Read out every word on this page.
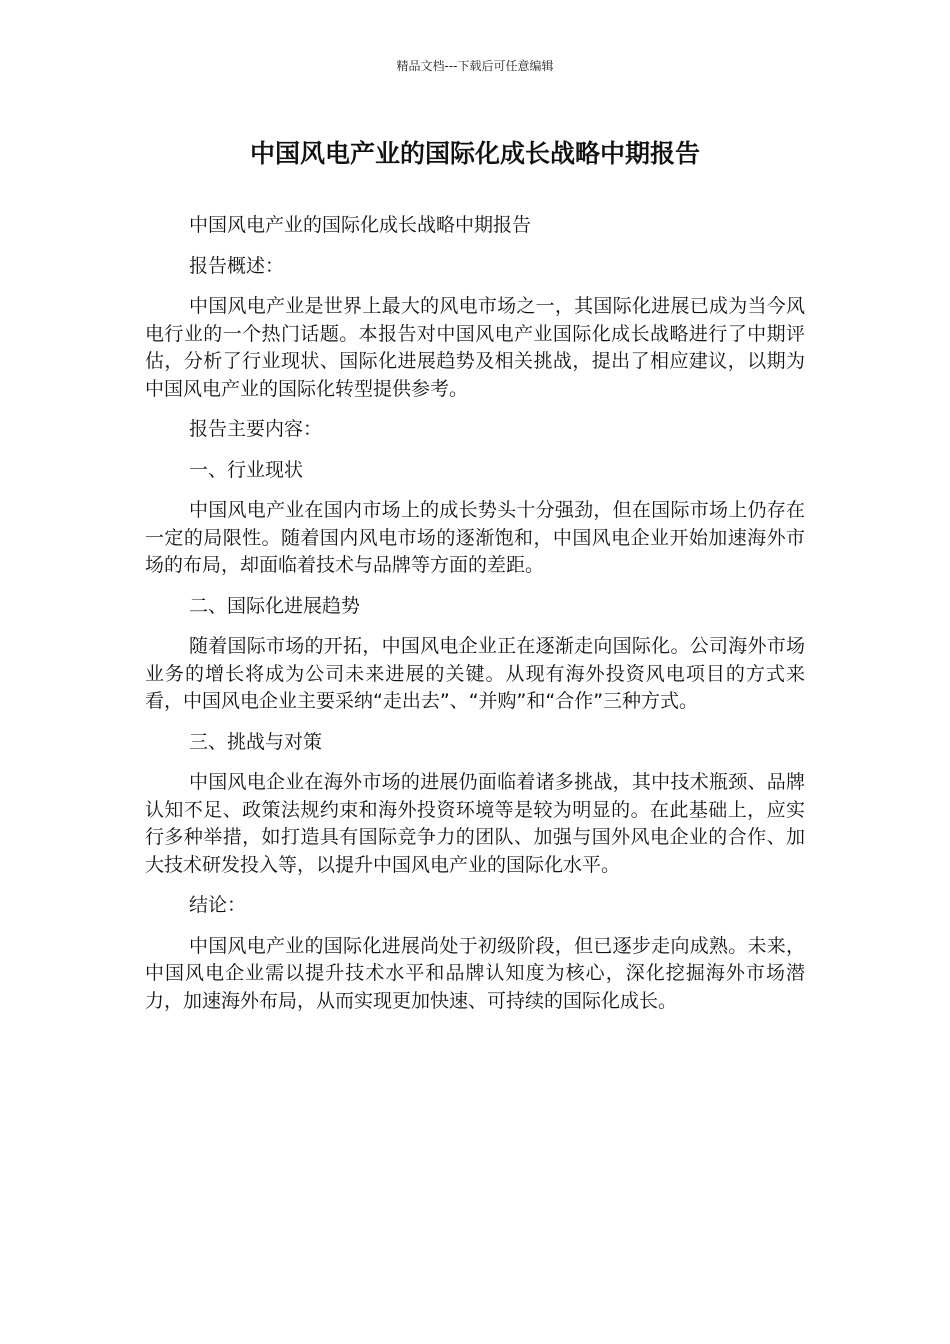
精品文档---下载后可任意编辑
中国风电产业的国际化成长战略中期报告

中国风电产业的国际化成长战略中期报告

报告概述：

中国风电产业是世界上最大的风电市场之一，其国际化进展已成为当今风电行业的一个热门话题。本报告对中国风电产业国际化成长战略进行了中期评估，分析了行业现状、国际化进展趋势及相关挑战，提出了相应建议，以期为中国风电产业的国际化转型提供参考。

报告主要内容：

一、行业现状

中国风电产业在国内市场上的成长势头十分强劲，但在国际市场上仍存在一定的局限性。随着国内风电市场的逐渐饱和，中国风电企业开始加速海外市场的布局，却面临着技术与品牌等方面的差距。

二、国际化进展趋势

随着国际市场的开拓，中国风电企业正在逐渐走向国际化。公司海外市场业务的增长将成为公司未来进展的关键。从现有海外投资风电项目的方式来看，中国风电企业主要采纳“走出去”、“并购”和“合作”三种方式。

三、挑战与对策

中国风电企业在海外市场的进展仍面临着诸多挑战，其中技术瓶颈、品牌认知不足、政策法规约束和海外投资环境等是较为明显的。在此基础上，应实行多种举措，如打造具有国际竞争力的团队、加强与国外风电企业的合作、加大技术研发投入等，以提升中国风电产业的国际化水平。

结论：

中国风电产业的国际化进展尚处于初级阶段，但已逐步走向成熟。未来，中国风电企业需以提升技术水平和品牌认知度为核心，深化挖掘海外市场潜力，加速海外布局，从而实现更加快速、可持续的国际化成长。
